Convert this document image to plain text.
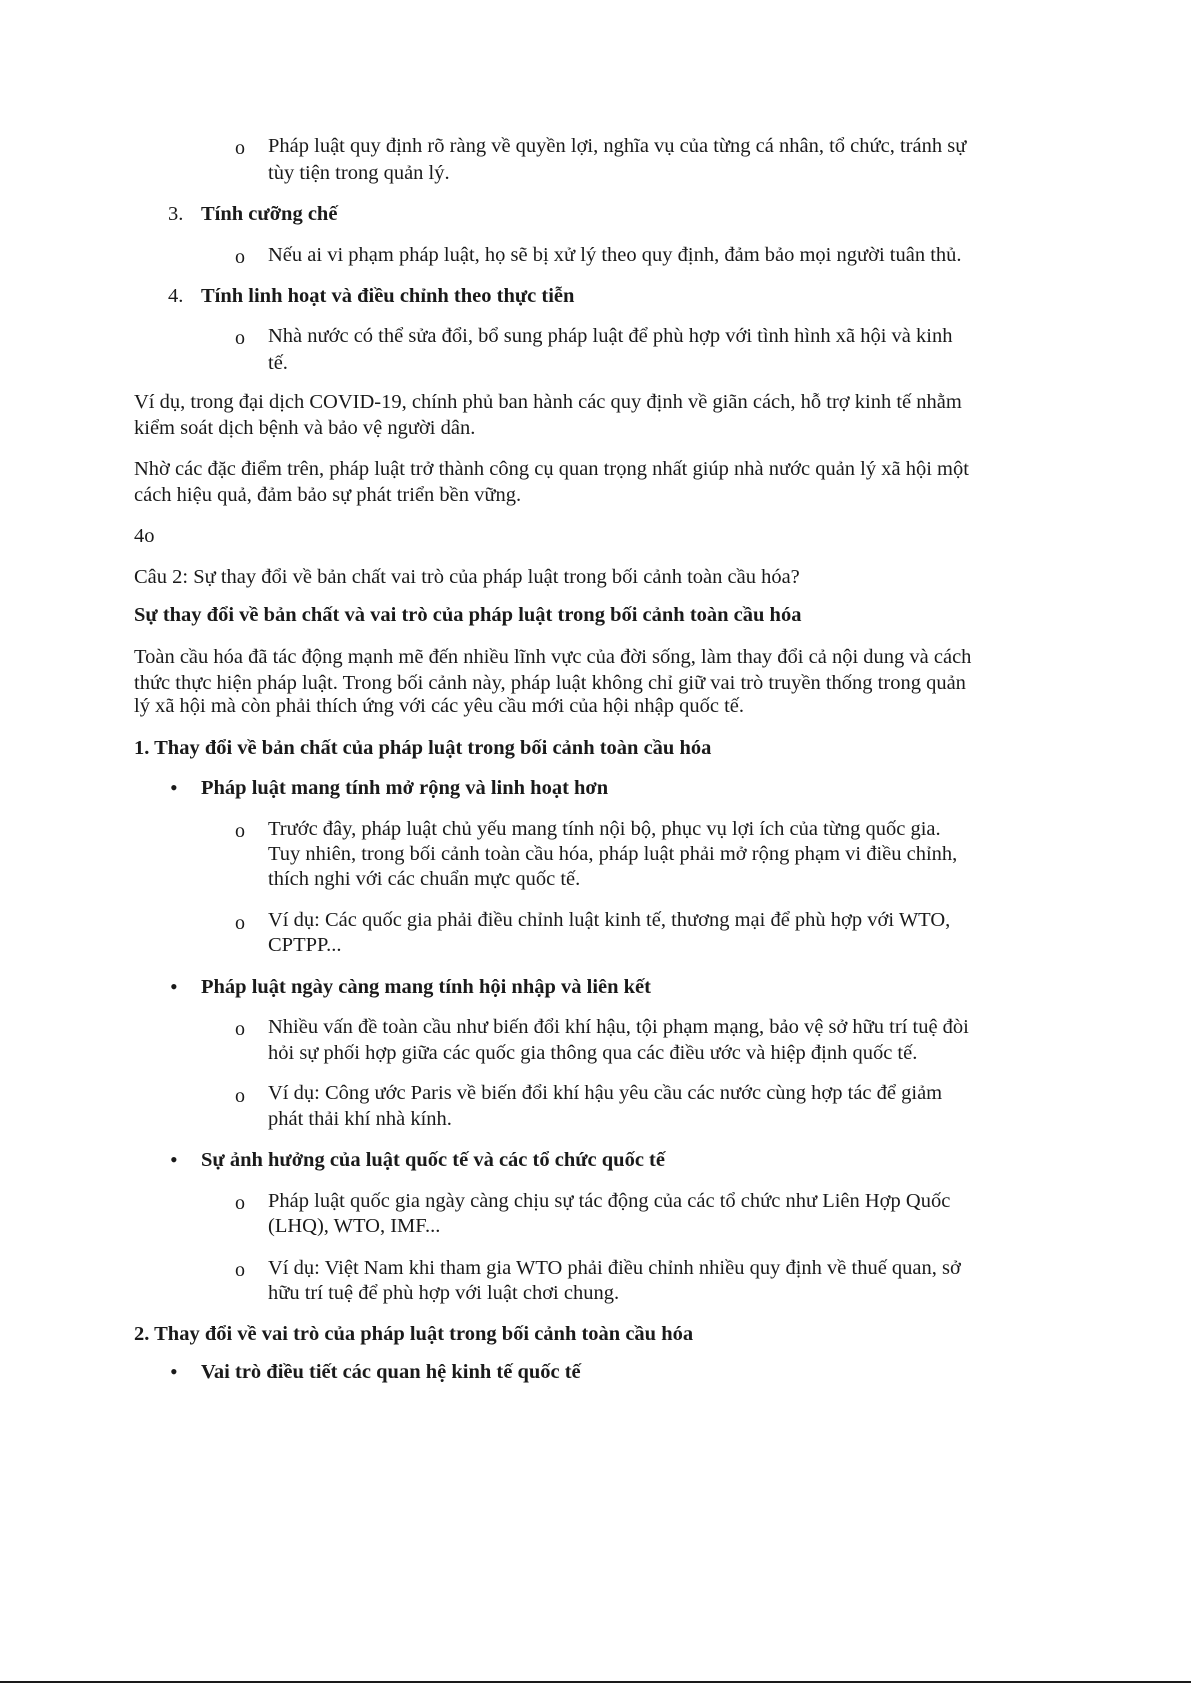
o Pháp luật quy định rõ ràng về quyền lợi, nghĩa vụ của từng cá nhân, tổ chức, tránh sự
tùy tiện trong quản lý.
3. Tính cưỡng chế
o Nếu ai vi phạm pháp luật, họ sẽ bị xử lý theo quy định, đảm bảo mọi người tuân thủ.
4. Tính linh hoạt và điều chỉnh theo thực tiễn
o Nhà nước có thể sửa đổi, bổ sung pháp luật để phù hợp với tình hình xã hội và kinh
tế.
Ví dụ, trong đại dịch COVID-19, chính phủ ban hành các quy định về giãn cách, hỗ trợ kinh tế nhằm
kiểm soát dịch bệnh và bảo vệ người dân.
Nhờ các đặc điểm trên, pháp luật trở thành công cụ quan trọng nhất giúp nhà nước quản lý xã hội một
cách hiệu quả, đảm bảo sự phát triển bền vững.
4o
Câu 2: Sự thay đổi về bản chất vai trò của pháp luật trong bối cảnh toàn cầu hóa?
Sự thay đổi về bản chất và vai trò của pháp luật trong bối cảnh toàn cầu hóa
Toàn cầu hóa đã tác động mạnh mẽ đến nhiều lĩnh vực của đời sống, làm thay đổi cả nội dung và cách
thức thực hiện pháp luật. Trong bối cảnh này, pháp luật không chỉ giữ vai trò truyền thống trong quản
lý xã hội mà còn phải thích ứng với các yêu cầu mới của hội nhập quốc tế.
1. Thay đổi về bản chất của pháp luật trong bối cảnh toàn cầu hóa
• Pháp luật mang tính mở rộng và linh hoạt hơn
o Trước đây, pháp luật chủ yếu mang tính nội bộ, phục vụ lợi ích của từng quốc gia.
Tuy nhiên, trong bối cảnh toàn cầu hóa, pháp luật phải mở rộng phạm vi điều chỉnh,
thích nghi với các chuẩn mực quốc tế.
o Ví dụ: Các quốc gia phải điều chỉnh luật kinh tế, thương mại để phù hợp với WTO,
CPTPP...
• Pháp luật ngày càng mang tính hội nhập và liên kết
o Nhiều vấn đề toàn cầu như biến đổi khí hậu, tội phạm mạng, bảo vệ sở hữu trí tuệ đòi
hỏi sự phối hợp giữa các quốc gia thông qua các điều ước và hiệp định quốc tế.
o Ví dụ: Công ước Paris về biến đổi khí hậu yêu cầu các nước cùng hợp tác để giảm
phát thải khí nhà kính.
• Sự ảnh hưởng của luật quốc tế và các tổ chức quốc tế
o Pháp luật quốc gia ngày càng chịu sự tác động của các tổ chức như Liên Hợp Quốc
(LHQ), WTO, IMF...
o Ví dụ: Việt Nam khi tham gia WTO phải điều chỉnh nhiều quy định về thuế quan, sở
hữu trí tuệ để phù hợp với luật chơi chung.
2. Thay đổi về vai trò của pháp luật trong bối cảnh toàn cầu hóa
• Vai trò điều tiết các quan hệ kinh tế quốc tế
